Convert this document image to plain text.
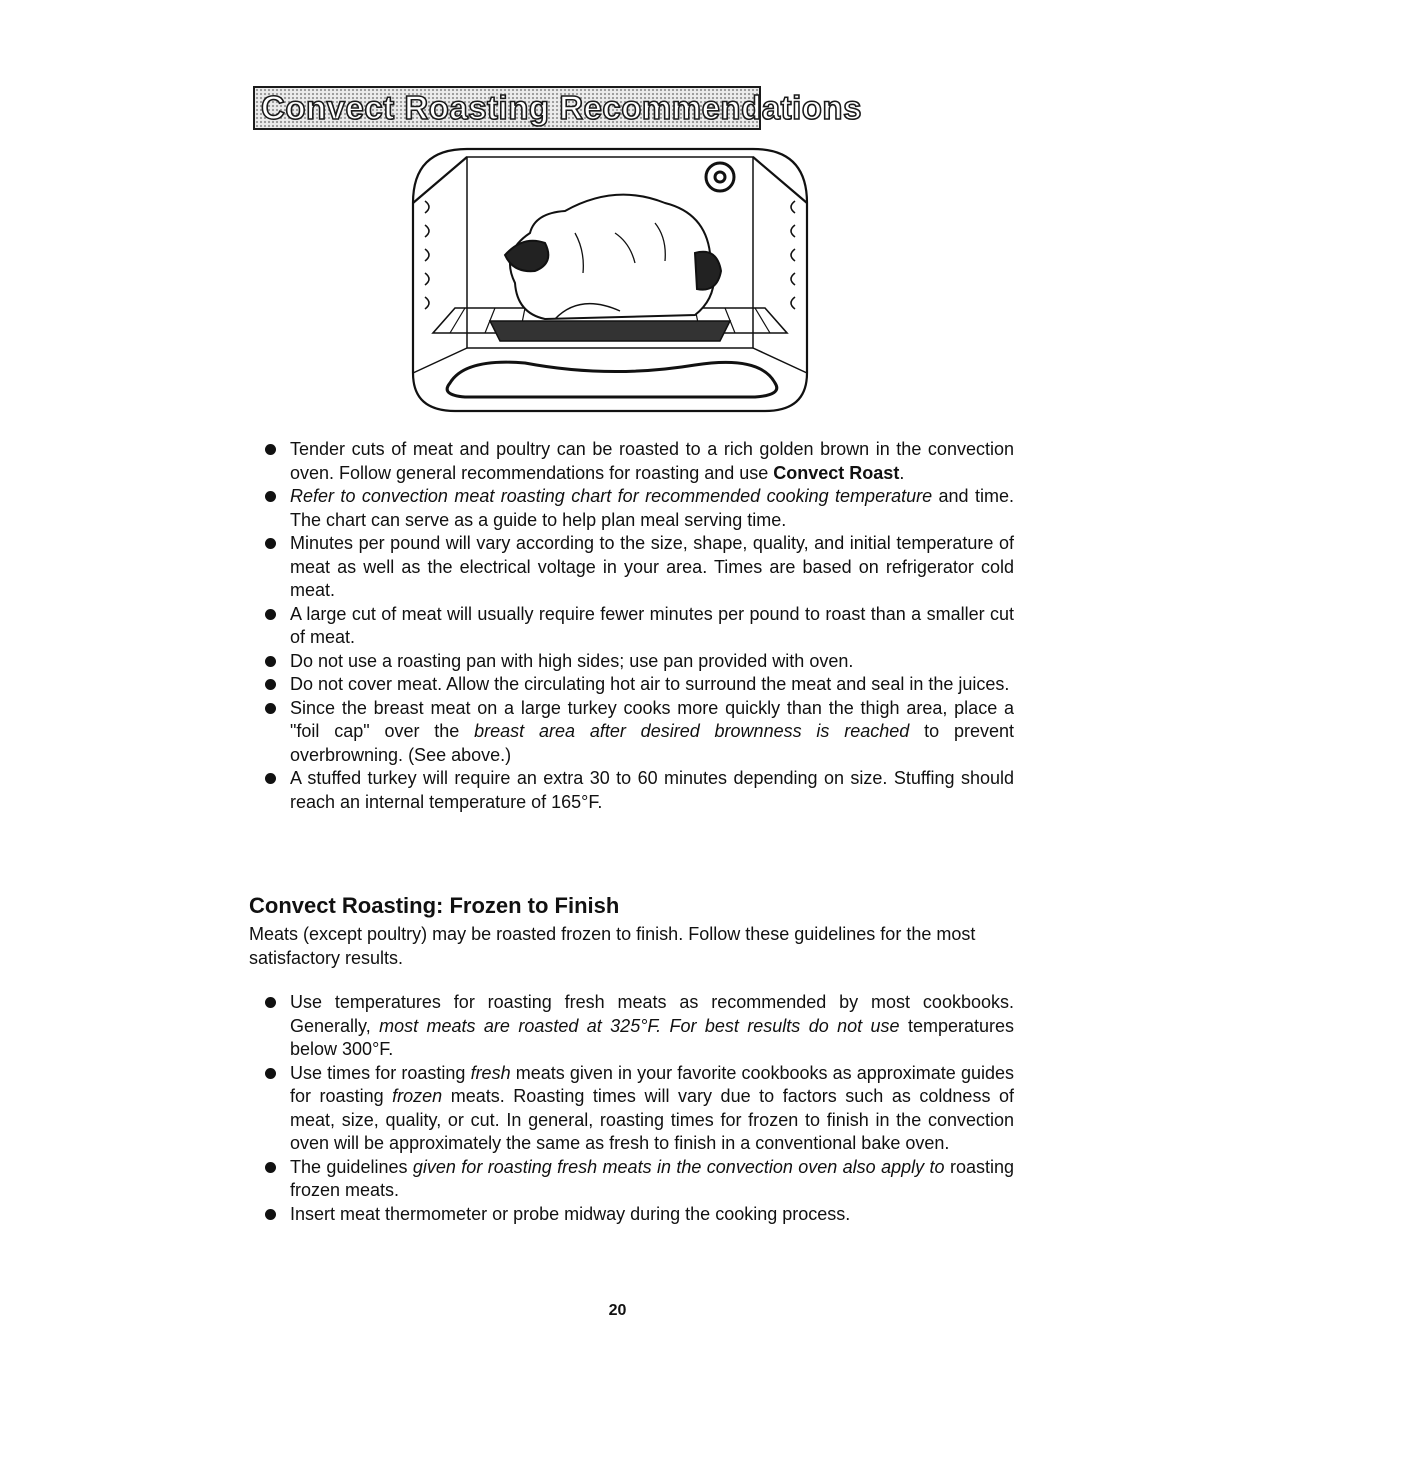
Convect Roasting Recommendations
Tender cuts of meat and poultry can be roasted to a rich golden brown in the convection oven. Follow general recommendations for roasting and use Convect Roast.
Refer to convection meat roasting chart for recommended cooking temperature and time. The chart can serve as a guide to help plan meal serving time.
Minutes per pound will vary according to the size, shape, quality, and initial temperature of meat as well as the electrical voltage in your area. Times are based on refrigerator cold meat.
A large cut of meat will usually require fewer minutes per pound to roast than a smaller cut of meat.
Do not use a roasting pan with high sides; use pan provided with oven.
Do not cover meat. Allow the circulating hot air to surround the meat and seal in the juices.
Since the breast meat on a large turkey cooks more quickly than the thigh area, place a "foil cap" over the breast area after desired brownness is reached to prevent overbrowning. (See above.)
A stuffed turkey will require an extra 30 to 60 minutes depending on size. Stuffing should reach an internal temperature of 165°F.
Convect Roasting: Frozen to Finish

Meats (except poultry) may be roasted frozen to finish. Follow these guidelines for the most satisfactory results.

Use temperatures for roasting fresh meats as recommended by most cookbooks. Generally, most meats are roasted at 325°F. For best results do not use temperatures below 300°F.
Use times for roasting fresh meats given in your favorite cookbooks as approximate guides for roasting frozen meats. Roasting times will vary due to factors such as coldness of meat, size, quality, or cut. In general, roasting times for frozen to finish in the convection oven will be approximately the same as fresh to finish in a conventional bake oven.
The guidelines given for roasting fresh meats in the convection oven also apply to roasting frozen meats.
Insert meat thermometer or probe midway during the cooking process.
20
